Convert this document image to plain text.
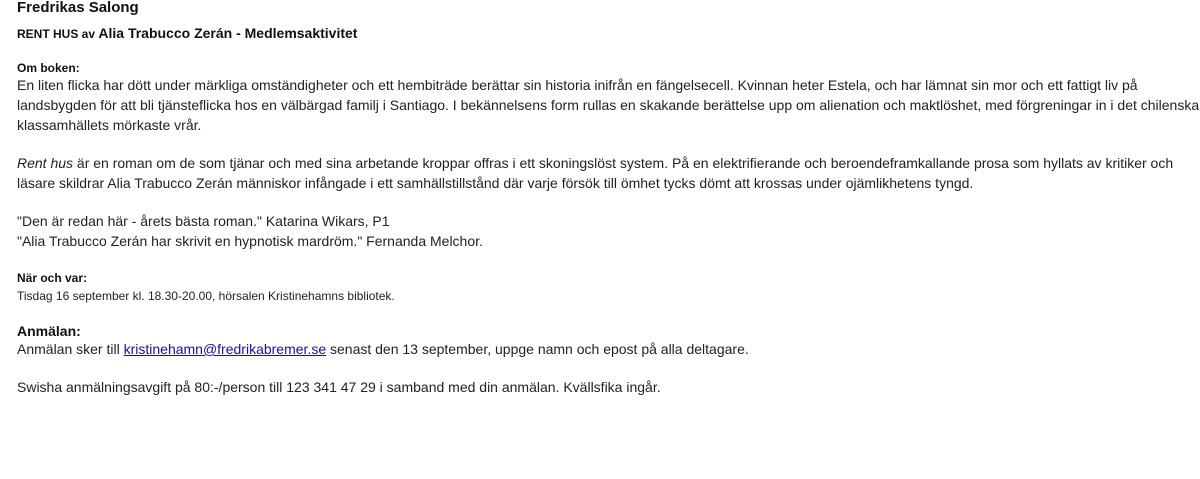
Fredrikas Salong
RENT HUS av Alia Trabucco Zerán - Medlemsaktivitet
Om boken:

En liten flicka har dött under märkliga omständigheter och ett hembiträde berättar sin historia inifrån en fängelsecell. Kvinnan heter Estela, och har lämnat sin mor och ett fattigt liv på landsbygden för att bli tjänsteflicka hos en välbärgad familj i Santiago. I bekännelsens form rullas en skakande berättelse upp om alienation och maktlöshet, med förgreningar in i det chilenska klassamhällets mörkaste vrår.

Rent hus är en roman om de som tjänar och med sina arbetande kroppar offras i ett skoningslöst system. På en elektrifierande och beroendeframkallande prosa som hyllats av kritiker och läsare skildrar Alia Trabucco Zerán människor infångade i ett samhällstillstånd där varje försök till ömhet tycks dömt att krossas under ojämlikhetens tyngd.

"Den är redan här - årets bästa roman." Katarina Wikars, P1

"Alia Trabucco Zerán har skrivit en hypnotisk mardröm." Fernanda Melchor.

När och var:
Tisdag 16 september kl. 18.30-20.00, hörsalen Kristinehamns bibliotek.
Anmälan:

Anmälan sker till kristinehamn@fredrikabremer.se senast den 13 september, uppge namn och epost på alla deltagare.

Swisha anmälningsavgift på 80:-/person till 123 341 47 29 i samband med din anmälan. Kvällsfika ingår.
